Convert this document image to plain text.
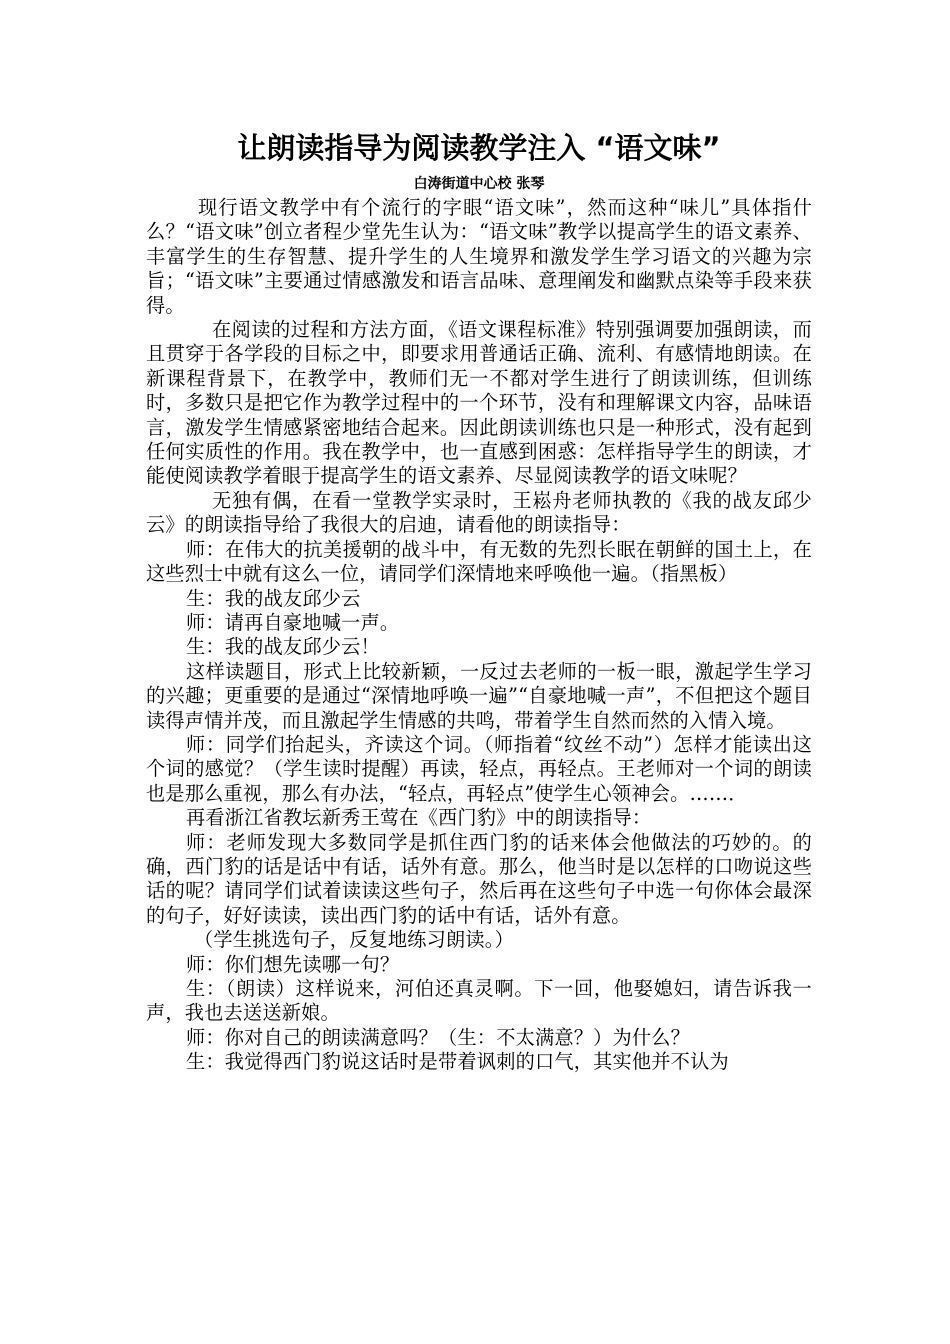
让朗读指导为阅读教学注入 “语文味”
白涛街道中心校 张琴

现行语文教学中有个流行的字眼“语文味”，然而这种“味儿”具体指什么？“语文味”创立者程少堂先生认为：“语文味”教学以提高学生的语文素养、丰富学生的生存智慧、提升学生的人生境界和激发学生学习语文的兴趣为宗旨；“语文味”主要通过情感激发和语言品味、意理阐发和幽默点染等手段来获得。

在阅读的过程和方法方面，《语文课程标准》特别强调要加强朗读，而且贯穿于各学段的目标之中，即要求用普通话正确、流利、有感情地朗读。在新课程背景下，在教学中，教师们无一不都对学生进行了朗读训练，但训练时，多数只是把它作为教学过程中的一个环节，没有和理解课文内容，品味语言，激发学生情感紧密地结合起来。因此朗读训练也只是一种形式，没有起到任何实质性的作用。我在教学中，也一直感到困惑：怎样指导学生的朗读，才能使阅读教学着眼于提高学生的语文素养、尽显阅读教学的语文味呢？

无独有偶，在看一堂教学实录时，王崧舟老师执教的《我的战友邱少云》的朗读指导给了我很大的启迪，请看他的朗读指导：

师：在伟大的抗美援朝的战斗中，有无数的先烈长眠在朝鲜的国土上，在这些烈士中就有这么一位，请同学们深情地来呼唤他一遍。（指黑板）

生：我的战友邱少云

师：请再自豪地喊一声。

生：我的战友邱少云！

这样读题目，形式上比较新颖，一反过去老师的一板一眼，激起学生学习的兴趣；更重要的是通过“深情地呼唤一遍”“自豪地喊一声”，不但把这个题目读得声情并茂，而且激起学生情感的共鸣，带着学生自然而然的入情入境。

师：同学们抬起头，齐读这个词。（师指着“纹丝不动”）怎样才能读出这个词的感觉？（学生读时提醒）再读，轻点，再轻点。王老师对一个词的朗读也是那么重视，那么有办法，“轻点，再轻点”使学生心领神会。……．

再看浙江省教坛新秀王莺在《西门豹》中的朗读指导：

师：老师发现大多数同学是抓住西门豹的话来体会他做法的巧妙的。的确，西门豹的话是话中有话，话外有意。那么，他当时是以怎样的口吻说这些话的呢？请同学们试着读读这些句子，然后再在这些句子中选一句你体会最深的句子，好好读读，读出西门豹的话中有话，话外有意。

（学生挑选句子，反复地练习朗读。）

师：你们想先读哪一句？

生：（朗读）这样说来，河伯还真灵啊。下一回，他娶媳妇，请告诉我一声，我也去送送新娘。

师：你对自己的朗读满意吗？（生：不太满意？）为什么？

生：我觉得西门豹说这话时是带着讽刺的口气，其实他并不认为
